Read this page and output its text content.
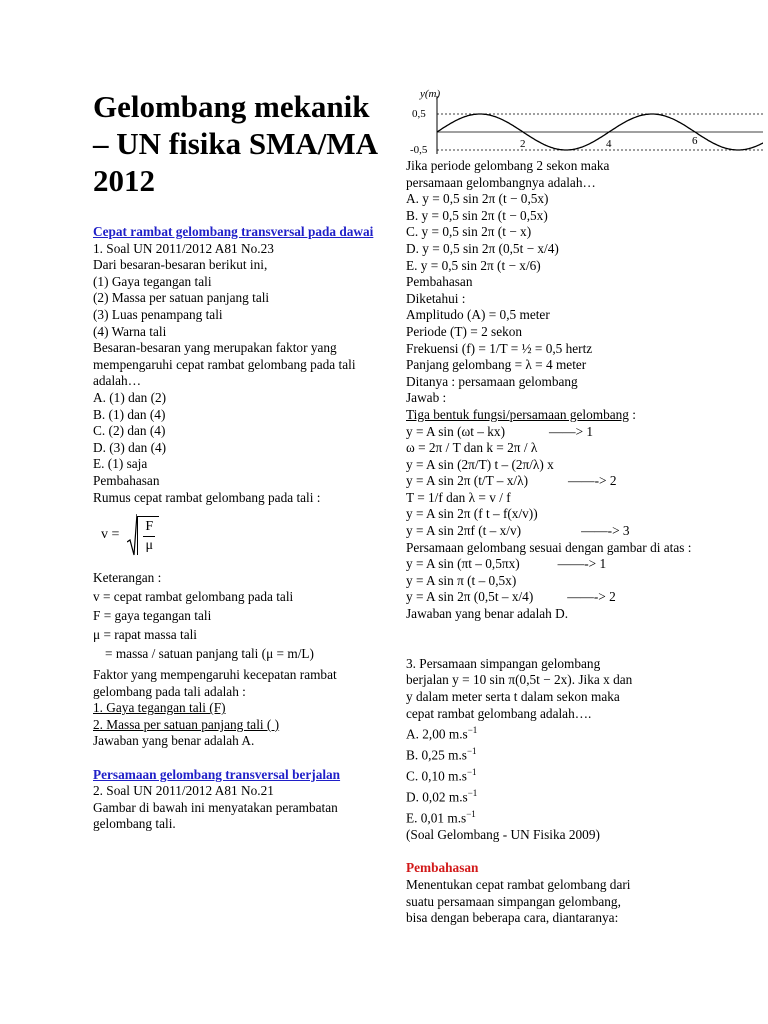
Gelombang mekanik – UN fisika SMA/MA 2012
Cepat rambat gelombang transversal pada dawai
1. Soal UN 2011/2012 A81 No.23
Dari besaran-besaran berikut ini,
(1) Gaya tegangan tali
(2) Massa per satuan panjang tali
(3) Luas penampang tali
(4) Warna tali
Besaran-besaran yang merupakan faktor yang mempengaruhi cepat rambat gelombang pada tali adalah…
A. (1) dan (2)
B. (1) dan (4)
C. (2) dan (4)
D. (3) dan (4)
E. (1) saja
Pembahasan
Rumus cepat rambat gelombang pada tali :
$v = \frac{F}{\mu}$
Keterangan :
v = cepat rambat gelombang pada tali
F = gaya tegangan tali
μ = rapat massa tali
= massa / satuan panjang tali (μ = m/L)
Faktor yang mempengaruhi kecepatan rambat gelombang pada tali adalah :
1. Gaya tegangan tali (F)
2. Massa per satuan panjang tali ( )
Jawaban yang benar adalah A.
Persamaan gelombang transversal berjalan
2. Soal UN 2011/2012 A81 No.21
Gambar di bawah ini menyatakan perambatan gelombang tali.
y(m)
0,5
-0,5	2	4	6
Jika periode gelombang 2 sekon maka
persamaan gelombangnya adalah…
A. y = 0,5 sin 2π (t − 0,5x)
B. y = 0,5 sin 2π (t − 0,5x)
C. y = 0,5 sin 2π (t − x)
D. y = 0,5 sin 2π (0,5t − x/4)
E. y = 0,5 sin 2π (t − x/6)
Pembahasan
Diketahui :
Amplitudo (A) = 0,5 meter
Periode (T) = 2 sekon
Frekuensi (f) = 1/T = ½ = 0,5 hertz
Panjang gelombang = λ = 4 meter
Ditanya : persamaan gelombang
Jawab :
Tiga bentuk fungsi/persamaan gelombang :
y = A sin (ωt – kx)	——> 1
ω = 2π / T dan k = 2π / λ
y = A sin (2π/T) t – (2π/λ) x
y = A sin 2π (t/T – x/λ)	——-> 2
T = 1/f dan λ = v / f
y = A sin 2π (f t – f(x/v))
y = A sin 2πf (t – x/v)	——-> 3
Persamaan gelombang sesuai dengan gambar di atas :
y = A sin (πt – 0,5πx)	——-> 1
y = A sin π (t – 0,5x)
y = A sin 2π (0,5t – x/4)	——-> 2
Jawaban yang benar adalah D.
3. Persamaan simpangan gelombang
berjalan y = 10 sin π(0,5t − 2x). Jika x dan
y dalam meter serta t dalam sekon maka
cepat rambat gelombang adalah….
A. 2,00 $m.s^{-1}$
B. 0,25 $m.s^{-1}$
C. 0,10 $m.s^{-1}$
D. 0,02 $m.s^{-1}$
E. 0,01 $m.s^{-1}$
(Soal Gelombang - UN Fisika 2009)
Pembahasan
Menentukan cepat rambat gelombang dari
suatu persamaan simpangan gelombang,
bisa dengan beberapa cara, diantaranya:
